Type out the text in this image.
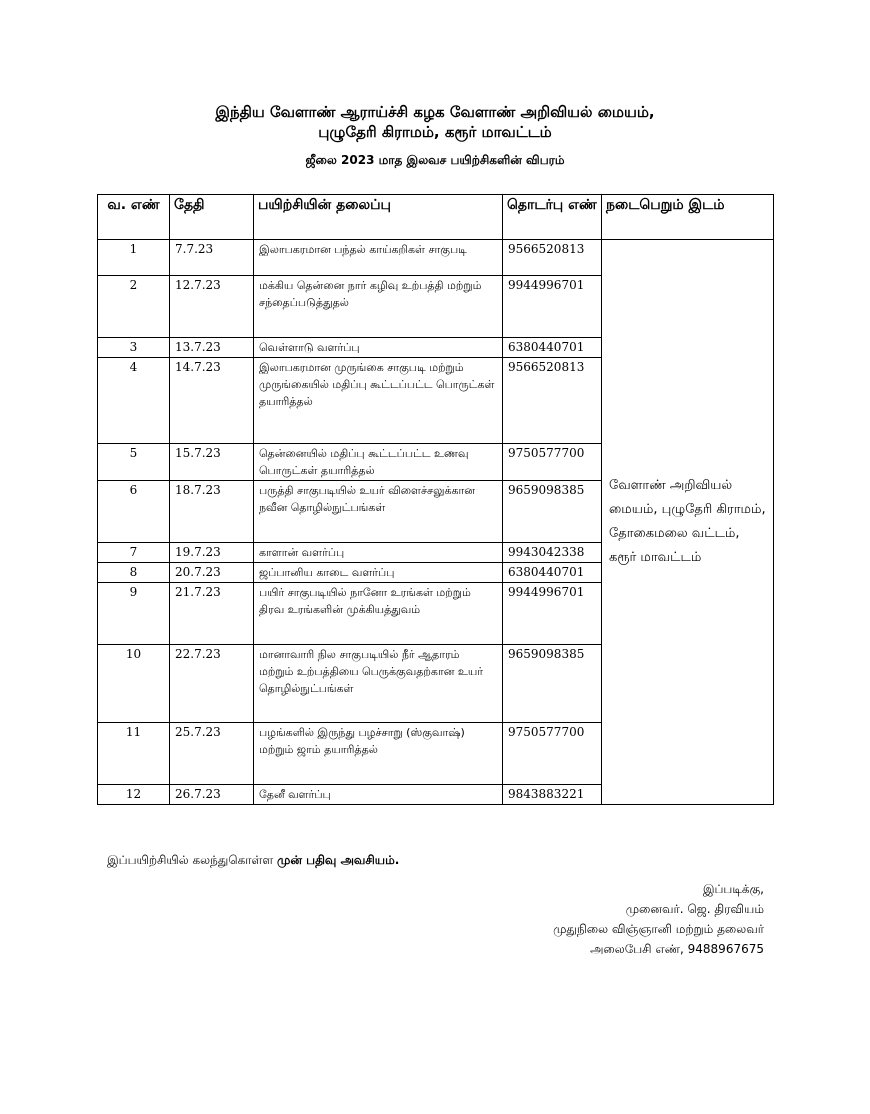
இந்திய வேளாண் ஆராய்ச்சி கழக வேளாண் அறிவியல் மையம்,
புழுதேரி கிராமம், கரூர் மாவட்டம்
ஜீலை 2023 மாத இலவச பயிற்சிகளின் விபரம்
வ. எண்	தேதி	பயிற்சியின் தலைப்பு	தொடர்பு எண்	நடைபெறும் இடம்
1	7.7.23	இலாபகரமான பந்தல் காய்கறிகள் சாகுபடி	9566520813	வேளாண் அறிவியல் மையம், புழுதேரி கிராமம், தோகைமலை வட்டம், கரூர் மாவட்டம்
2	12.7.23	மக்கிய தென்னை நார் கழிவு உற்பத்தி மற்றும் சந்தைப்படுத்துதல்	9944996701	
3	13.7.23	வெள்ளாடு வளர்ப்பு	6380440701	
4	14.7.23	இலாபகரமான முருங்கை சாகுபடி மற்றும் முருங்கையில் மதிப்பு கூட்டப்பட்ட பொருட்கள் தயாரித்தல்	9566520813	
5	15.7.23	தென்னையில் மதிப்பு கூட்டப்பட்ட உணவு பொருட்கள் தயாரித்தல்	9750577700	
6	18.7.23	பருத்தி சாகுபடியில் உயர் விளைச்சலுக்கான நவீன தொழில்நுட்பங்கள்	9659098385	
7	19.7.23	காளான் வளர்ப்பு	9943042338	
8	20.7.23	ஜப்பானிய காடை வளர்ப்பு	6380440701	
9	21.7.23	பயிர் சாகுபடியில் நானோ உரங்கள் மற்றும் திரவ உரங்களின் முக்கியத்துவம்	9944996701	
10	22.7.23	மானாவாரி நில சாகுபடியில் நீர் ஆதாரம் மற்றும் உற்பத்தியை பெருக்குவதற்கான உயர் தொழில்நுட்பங்கள்	9659098385	
11	25.7.23	பழங்களில் இருந்து பழச்சாறு (ஸ்குவாஷ்) மற்றும் ஜாம் தயாரித்தல்	9750577700	
12	26.7.23	தேனீ வளர்ப்பு	9843883221	
இப்பயிற்சியில் கலந்துகொள்ள முன் பதிவு அவசியம்.
இப்படிக்கு,
முனைவர். ஜெ. திரவியம்
முதுநிலை விஞ்ஞானி மற்றும் தலைவர்
அலைபேசி எண், 9488967675
